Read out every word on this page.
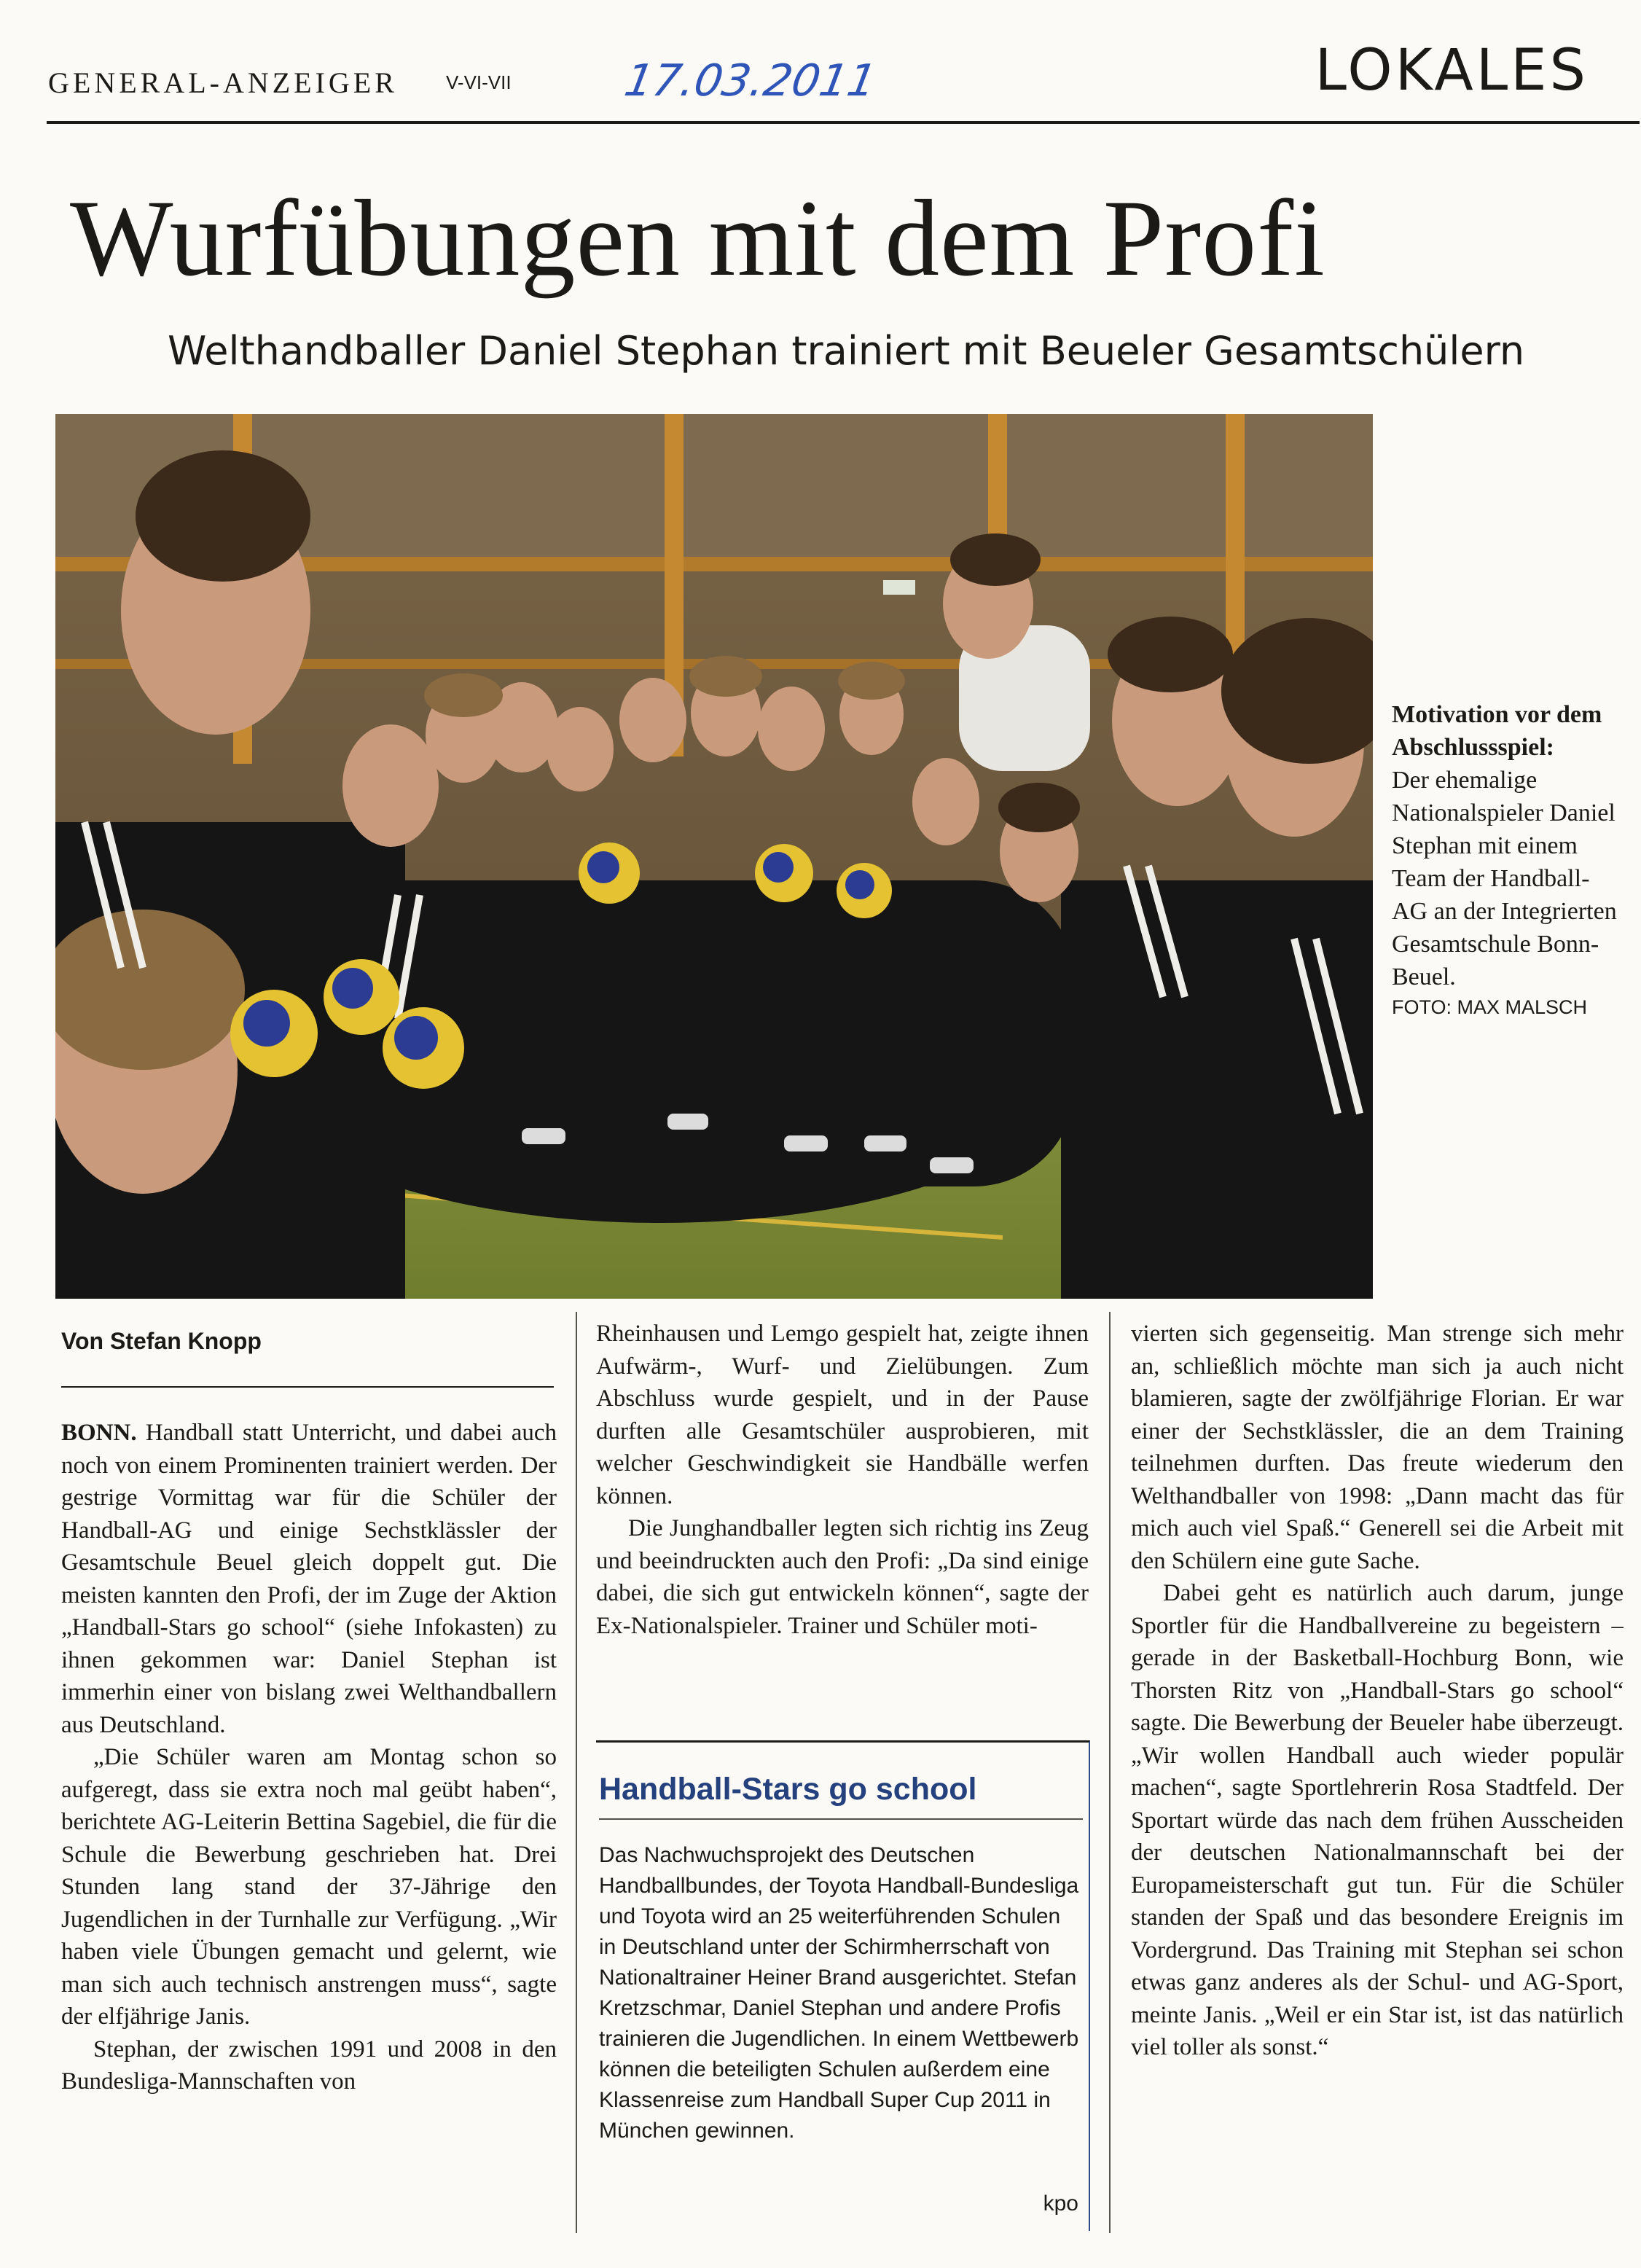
GENERAL-ANZEIGER	V-VI-VII	17.03.2011	LOKALES
Wurfübungen mit dem Profi
Welthandballer Daniel Stephan trainiert mit Beueler Gesamtschülern
Motivation vor dem Abschlussspiel:
Der ehemalige Nationalspieler Daniel Stephan mit einem Team der Handball-AG an der Integrierten Gesamtschule Bonn-Beuel.
FOTO: MAX MALSCH
Von Stefan Knopp

BONN. Handball statt Unterricht, und dabei auch noch von einem Prominenten trainiert werden. Der gestrige Vormittag war für die Schüler der Handball-AG und einige Sechstklässler der Gesamtschule Beuel gleich doppelt gut. Die meisten kannten den Profi, der im Zuge der Aktion „Handball-Stars go school“ (siehe Infokasten) zu ihnen gekommen war: Daniel Stephan ist immerhin einer von bislang zwei Welthandballern aus Deutschland.

„Die Schüler waren am Montag schon so aufgeregt, dass sie extra noch mal geübt haben“, berichtete AG-Leiterin Bettina Sagebiel, die für die Schule die Bewerbung geschrieben hat. Drei Stunden lang stand der 37-Jährige den Jugendlichen in der Turnhalle zur Verfügung. „Wir haben viele Übungen gemacht und gelernt, wie man sich auch technisch anstrengen muss“, sagte der elfjährige Janis.

Stephan, der zwischen 1991 und 2008 in den Bundesliga-Mannschaften von

Rheinhausen und Lemgo gespielt hat, zeigte ihnen Aufwärm-, Wurf- und Zielübungen. Zum Abschluss wurde gespielt, und in der Pause durften alle Gesamtschüler ausprobieren, mit welcher Geschwindigkeit sie Handbälle werfen können.

Die Junghandballer legten sich richtig ins Zeug und beeindruckten auch den Profi: „Da sind einige dabei, die sich gut entwickeln können“, sagte der Ex-Nationalspieler. Trainer und Schüler moti-

Handball-Stars go school

Das Nachwuchsprojekt des Deutschen Handballbundes, der Toyota Handball-Bundesliga und Toyota wird an 25 weiterführenden Schulen in Deutschland unter der Schirmherrschaft von Nationaltrainer Heiner Brand ausgerichtet. Stefan Kretzschmar, Daniel Stephan und andere Profis trainieren die Jugendlichen. In einem Wettbewerb können die beteiligten Schulen außerdem eine Klassenreise zum Handball Super Cup 2011 in München gewinnen.

kpo

vierten sich gegenseitig. Man strenge sich mehr an, schließlich möchte man sich ja auch nicht blamieren, sagte der zwölfjährige Florian. Er war einer der Sechstklässler, die an dem Training teilnehmen durften. Das freute wiederum den Welthandballer von 1998: „Dann macht das für mich auch viel Spaß.“ Generell sei die Arbeit mit den Schülern eine gute Sache.

Dabei geht es natürlich auch darum, junge Sportler für die Handballvereine zu begeistern – gerade in der Basketball-Hochburg Bonn, wie Thorsten Ritz von „Handball-Stars go school“ sagte. Die Bewerbung der Beueler habe überzeugt. „Wir wollen Handball auch wieder populär machen“, sagte Sportlehrerin Rosa Stadtfeld. Der Sportart würde das nach dem frühen Ausscheiden der deutschen Nationalmannschaft bei der Europameisterschaft gut tun. Für die Schüler standen der Spaß und das besondere Ereignis im Vordergrund. Das Training mit Stephan sei schon etwas ganz anderes als der Schul- und AG-Sport, meinte Janis. „Weil er ein Star ist, ist das natürlich viel toller als sonst.“
